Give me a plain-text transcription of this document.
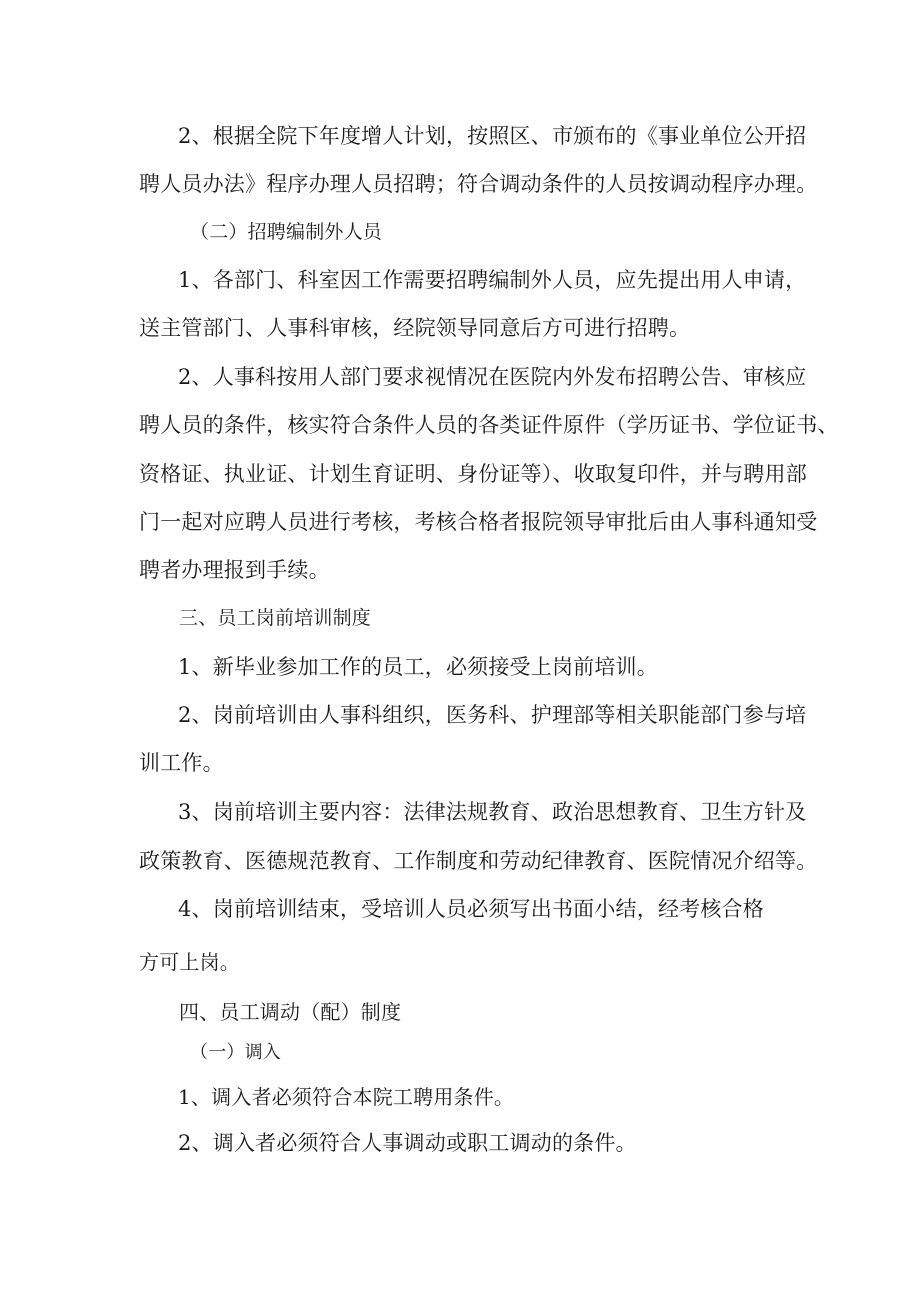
2、根据全院下年度增人计划，按照区、市颁布的《事业单位公开招
聘人员办法》程序办理人员招聘；符合调动条件的人员按调动程序办理。
（二）招聘编制外人员
1、各部门、科室因工作需要招聘编制外人员，应先提出用人申请，
送主管部门、人事科审核，经院领导同意后方可进行招聘。
2、人事科按用人部门要求视情况在医院内外发布招聘公告、审核应
聘人员的条件，核实符合条件人员的各类证件原件（学历证书、学位证书、
资格证、执业证、计划生育证明、身份证等）、收取复印件，并与聘用部
门一起对应聘人员进行考核，考核合格者报院领导审批后由人事科通知受
聘者办理报到手续。
三、员工岗前培训制度
1、新毕业参加工作的员工，必须接受上岗前培训。
2、岗前培训由人事科组织，医务科、护理部等相关职能部门参与培
训工作。
3、岗前培训主要内容：法律法规教育、政治思想教育、卫生方针及
政策教育、医德规范教育、工作制度和劳动纪律教育、医院情况介绍等。
4、岗前培训结束，受培训人员必须写出书面小结，经考核合格
方可上岗。
四、员工调动（配）制度
（一）调入
1、调入者必须符合本院工聘用条件。
2、调入者必须符合人事调动或职工调动的条件。
